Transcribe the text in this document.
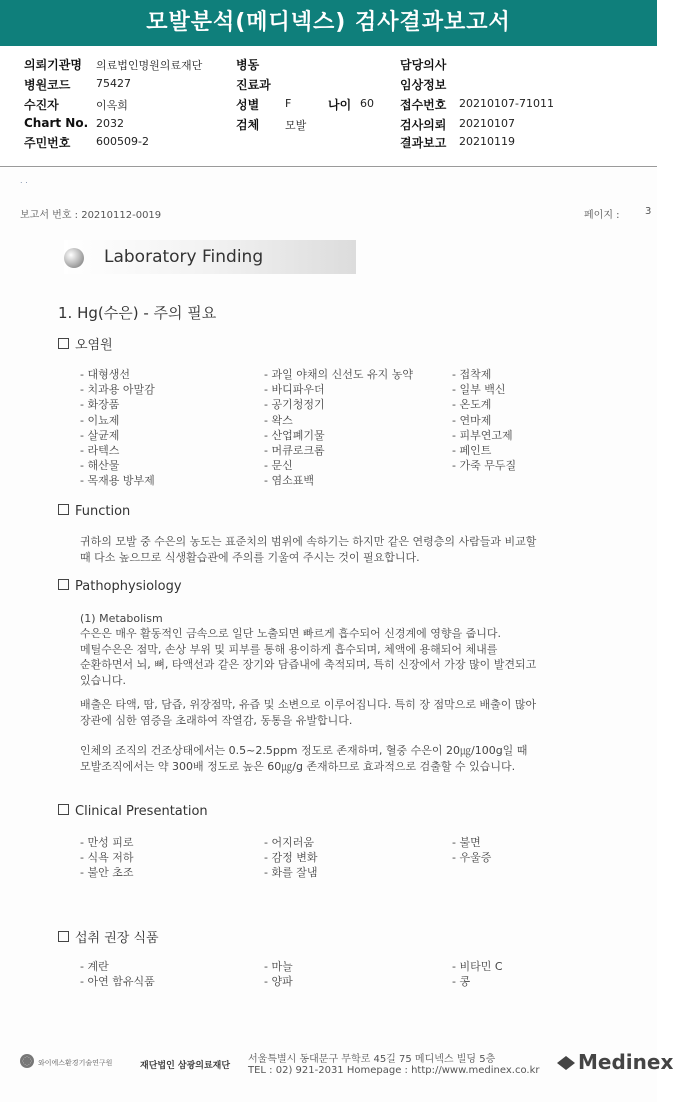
모발분석(메디넥스) 검사결과보고서
의뢰기관명 의료법인명원의료재단	병동	담당의사
병원코드 75427	진료과	임상정보
수진자	이옥희	성별 F	나이 60 접수번호 20210107-71011
Chart No. 2032	검체 모발	검사의뢰 20210107
주민번호 600509-2	결과보고 20210119
. .
보고서 번호 : 20210112-0019	페이지 :	3
Laboratory Finding
1. Hg(수은) - 주의 필요
오염원
- 대형생선
- 치과용 아말감
- 화장품
- 이뇨제
- 살균제
- 라텍스
- 해산물
- 목재용 방부제
- 과일 야채의 신선도 유지 농약
- 바디파우더
- 공기청정기
- 왁스
- 산업폐기물
- 머큐로크롬
- 문신
- 염소표백
- 접착제
- 일부 백신
- 온도계
- 연마제
- 피부연고제
- 페인트
- 가죽 무두질
Function
귀하의 모발 중 수은의 농도는 표준치의 범위에 속하기는 하지만 같은 연령층의 사람들과 비교할
때 다소 높으므로 식생활습관에 주의를 기울여 주시는 것이 필요합니다.
Pathophysiology
(1) Metabolism
수은은 매우 활동적인 금속으로 일단 노출되면 빠르게 흡수되어 신경계에 영향을 줍니다.
메틸수은은 점막, 손상 부위 및 피부를 통해 용이하게 흡수되며, 체액에 용해되어 체내를
순환하면서 뇌, 뼈, 타액선과 같은 장기와 담즙내에 축적되며, 특히 신장에서 가장 많이 발견되고
있습니다.
배출은 타액, 땀, 담즙, 위장점막, 유즙 및 소변으로 이루어집니다. 특히 장 점막으로 배출이 많아
장관에 심한 염증을 초래하여 작열감, 동통을 유발합니다.
인체의 조직의 건조상태에서는 0.5~2.5ppm 정도로 존재하며, 혈중 수은이 20㎍/100g일 때
모발조직에서는 약 300배 정도로 높은 60㎍/g 존재하므로 효과적으로 검출할 수 있습니다.
Clinical Presentation
- 만성 피로
- 식욕 저하
- 불안 초조
- 어지러움
- 감정 변화
- 화를 잘냄
- 불면
- 우울증
섭취 권장 식품
- 계란
- 아연 함유식품
- 마늘
- 양파
- 비타민 C
- 콩
와이에스환경기술연구원	재단법인 삼광의료재단
서울특별시 동대문구 무학로 45길 75 메디넥스 빌딩 5층
TEL : 02) 921-2031 Homepage : http://www.medinex.co.kr Medinex
